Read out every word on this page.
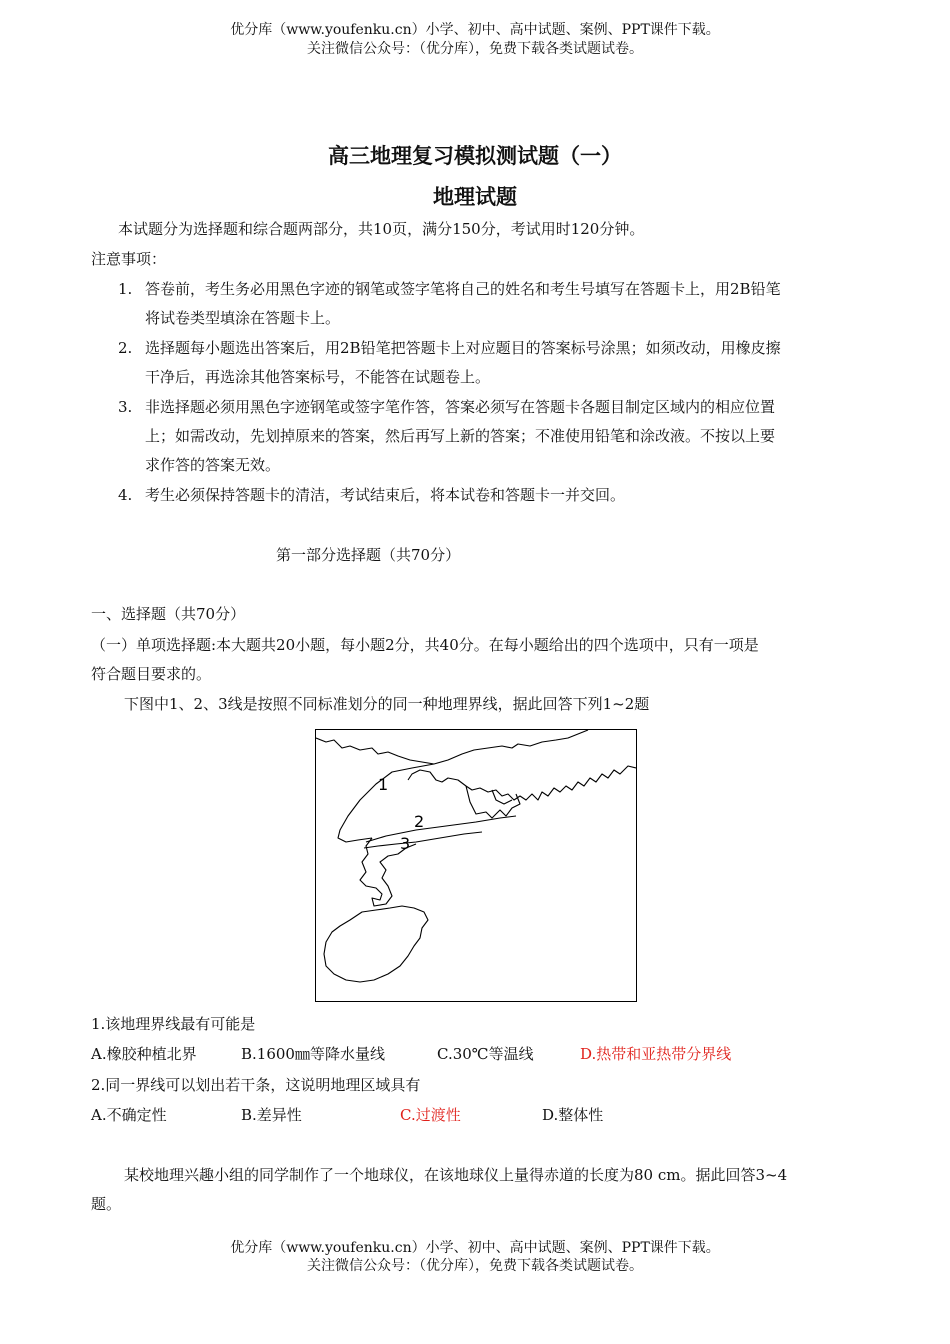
优分库（www.youfenku.cn）小学、初中、高中试题、案例、PPT课件下载。
关注微信公众号：（优分库），免费下载各类试题试卷。
高三地理复习模拟测试题（一）
地理试题
本试题分为选择题和综合题两部分，共10页，满分150分，考试用时120分钟。
注意事项：
1. 答卷前，考生务必用黑色字迹的钢笔或签字笔将自己的姓名和考生号填写在答题卡上，用2B铅笔
将试卷类型填涂在答题卡上。
2. 选择题每小题选出答案后，用2B铅笔把答题卡上对应题目的答案标号涂黑；如须改动，用橡皮擦
干净后，再选涂其他答案标号，不能答在试题卷上。
3. 非选择题必须用黑色字迹钢笔或签字笔作答，答案必须写在答题卡各题目制定区域内的相应位置
上；如需改动，先划掉原来的答案，然后再写上新的答案；不准使用铅笔和涂改液。不按以上要
求作答的答案无效。
4. 考生必须保持答题卡的清洁，考试结束后，将本试卷和答题卡一并交回。
第一部分选择题（共70分）
一、选择题（共70分）
（一）单项选择题:本大题共20小题，每小题2分，共40分。在每小题给出的四个选项中，只有一项是
符合题目要求的。
下图中1、2、3线是按照不同标准划分的同一种地理界线，据此回答下列1~2题
1
2
3
1.该地理界线最有可能是
A.橡胶种植北界	B.1600㎜等降水量线	C.30℃等温线	D.热带和亚热带分界线
2.同一界线可以划出若干条，这说明地理区域具有
A.不确定性	B.差异性	C.过渡性	D.整体性
某校地理兴趣小组的同学制作了一个地球仪，在该地球仪上量得赤道的长度为80 cm。据此回答3~4
题。
优分库（www.youfenku.cn）小学、初中、高中试题、案例、PPT课件下载。
关注微信公众号：（优分库），免费下载各类试题试卷。
